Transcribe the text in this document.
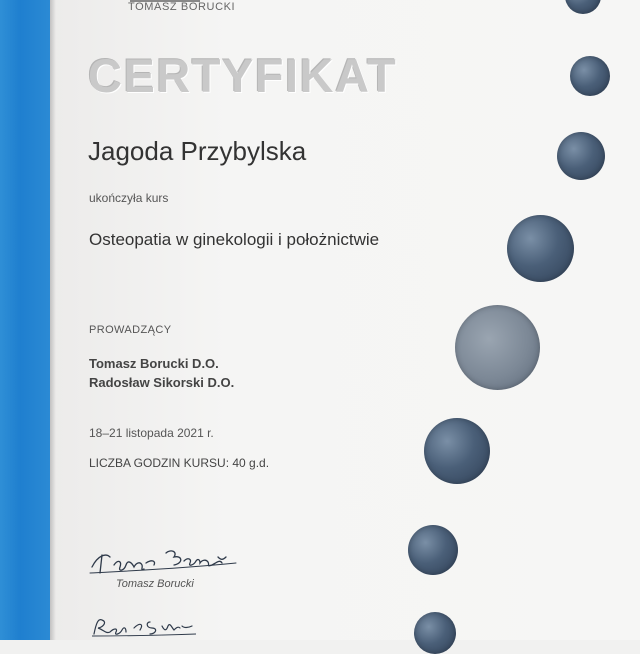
TOMASZ BORUCKI
CERTYFIKAT
Jagoda Przybylska
ukończyła kurs
Osteopatia w ginekologii i położnictwie
PROWADZĄCY
Tomasz Borucki D.O.
Radosław Sikorski D.O.
18–21 listopada 2021 r.
LICZBA GODZIN KURSU: 40 g.d.
Tomasz Borucki
